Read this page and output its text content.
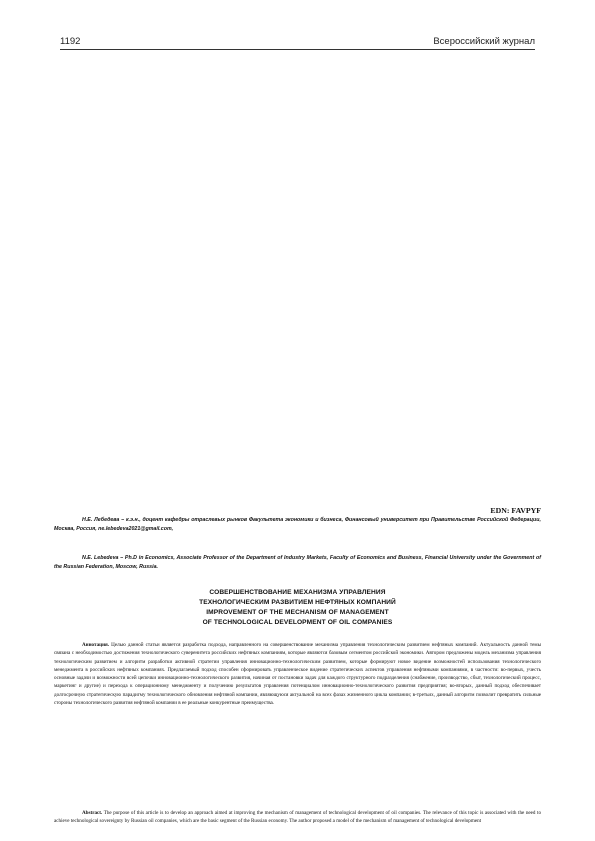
1192	Всероссийский журнал
EDN: FAVPYF
Н.Е. Лебедева – к.э.н., доцент кафедры отраслевых рынков Факультета экономики и бизнеса, Финансовый университет при Правительстве Российской Федерации, Москва, Россия, ne.lebedeva2021@gmail.com,
N.E. Lebedeva – Ph.D in Economics, Associate Professor of the Department of Industry Markets, Faculty of Economics and Business, Financial University under the Government of the Russian Federation, Moscow, Russia.
СОВЕРШЕНСТВОВАНИЕ МЕХАНИЗМА УПРАВЛЕНИЯ
ТЕХНОЛОГИЧЕСКИМ РАЗВИТИЕМ НЕФТЯНЫХ КОМПАНИЙ
IMPROVEMENT OF THE MECHANISM OF MANAGEMENT
OF TECHNOLOGICAL DEVELOPMENT OF OIL COMPANIES
Аннотация. Целью данной статьи является разработка подхода, направленного на совершенствование механизма управления технологическим развитием нефтяных компаний. Актуальность данной темы связана с необходимостью достижения технологического суверенитета российских нефтяных компаниям, которые являются базовым сегментом российской экономики. Автором предложены модель механизма управления технологическим развитием и алгоритм разработки активной стратегии управления инновационно-технологическим развитием, которые формируют новое видение возможностей использования технологического менеджмента в российских нефтяных компаниях. Предлагаемый подход способен сформировать управленческое видение стратегических аспектов управления нефтяными компаниями, в частности: во-первых, учесть основные задачи и возможности всей цепочки инновационно-технологического развития, начиная от постановки задач для каждого структурного подразделения (снабжение, производство, сбыт, технологический процесс, маркетинг и другие) и перехода к операционному менеджменту и получению результатов управления потенциалом инновационно-технологического развития предприятия; во-вторых, данный подход обеспечивает долгосрочную стратегическую парадигму технологического обновления нефтяной компании, являющуюся актуальной на всех фазах жизненного цикла компании; в-третьих, данный алгоритм позволит превратить сильные стороны технологического развития нефтяной компании в ее реальные конкурентные преимущества.
Abstract. The purpose of this article is to develop an approach aimed at improving the mechanism of management of technological development of oil companies. The relevance of this topic is associated with the need to achieve technological sovereignty by Russian oil companies, which are the basic segment of the Russian economy. The author proposed a model of the mechanism of management of technological development
